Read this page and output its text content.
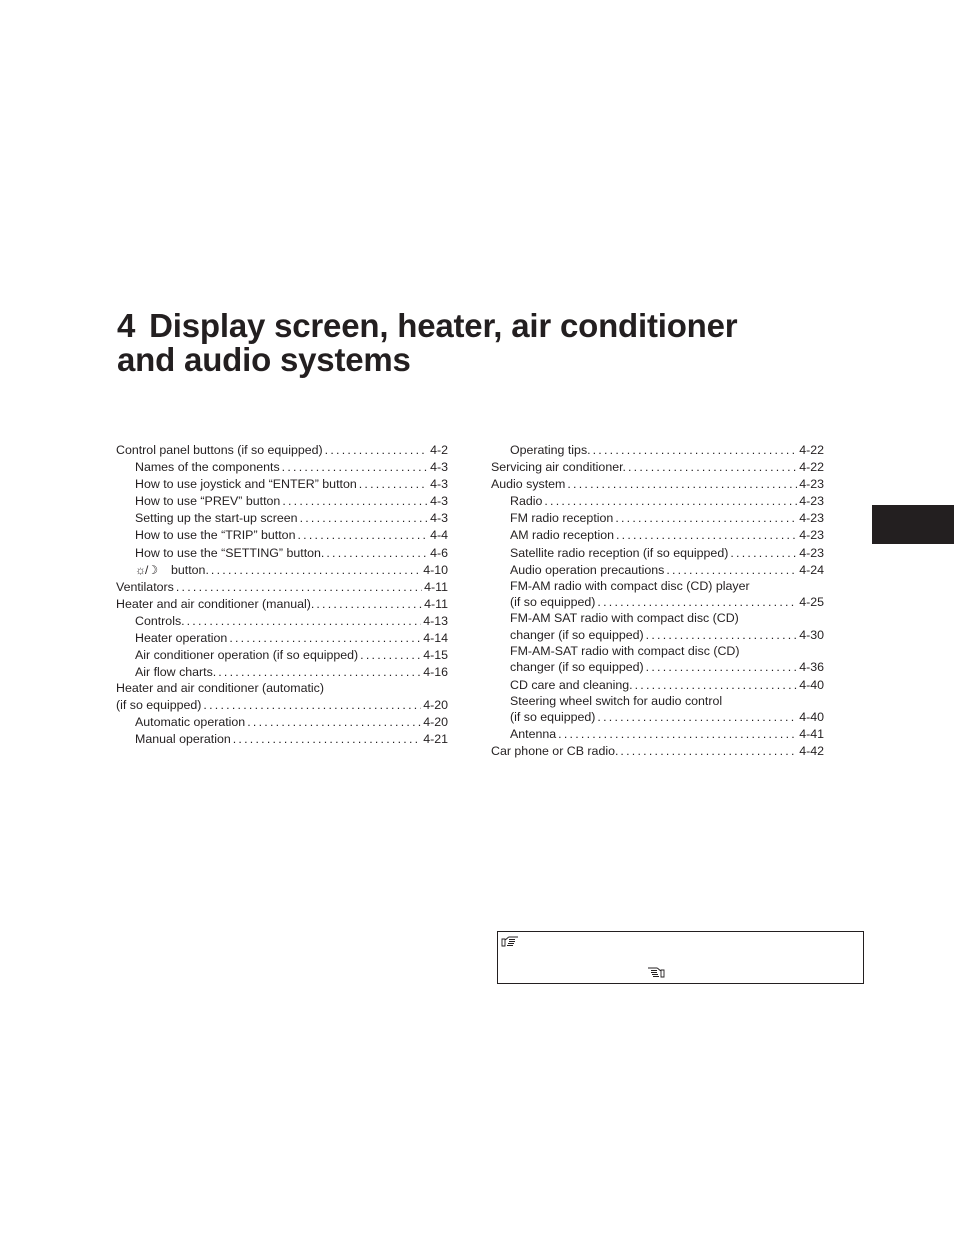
4 Display screen, heater, air conditioner
and audio systems
Control panel buttons (if so equipped) . . .	4-2
Names of the components . . .	4-3
How to use joystick and “ENTER” button . . .	4-3
How to use “PREV” button . . .	4-3
Setting up the start-up screen . . .	4-3
How to use the “TRIP” button . . .	4-4
How to use the “SETTING” button. . . .	4-6
☼/☽	button. . . .	4-10
Ventilators . . .	4-11
Heater and air conditioner (manual). . . .	4-11
Controls. . . .	4-13
Heater operation . . .	4-14
Air conditioner operation (if so equipped) . . .	4-15
Air flow charts. . . .	4-16
Heater and air conditioner (automatic)
(if so equipped) . . .	4-20
Automatic operation . . .	4-20
Manual operation . . .	4-21
Operating tips. . . .	4-22
Servicing air conditioner. . . .	4-22
Audio system . . .	4-23
Radio . . .	4-23
FM radio reception . . .	4-23
AM radio reception . . .	4-23
Satellite radio reception (if so equipped) . . .	4-23
Audio operation precautions . . .	4-24
FM-AM radio with compact disc (CD) player
(if so equipped) . . .	4-25
FM-AM SAT radio with compact disc (CD)
changer (if so equipped) . . .	4-30
FM-AM-SAT radio with compact disc (CD)
changer (if so equipped) . . .	4-36
CD care and cleaning. . . .	4-40
Steering wheel switch for audio control
(if so equipped) . . .	4-40
Antenna . . .	4-41
Car phone or CB radio. . . .	4-42
